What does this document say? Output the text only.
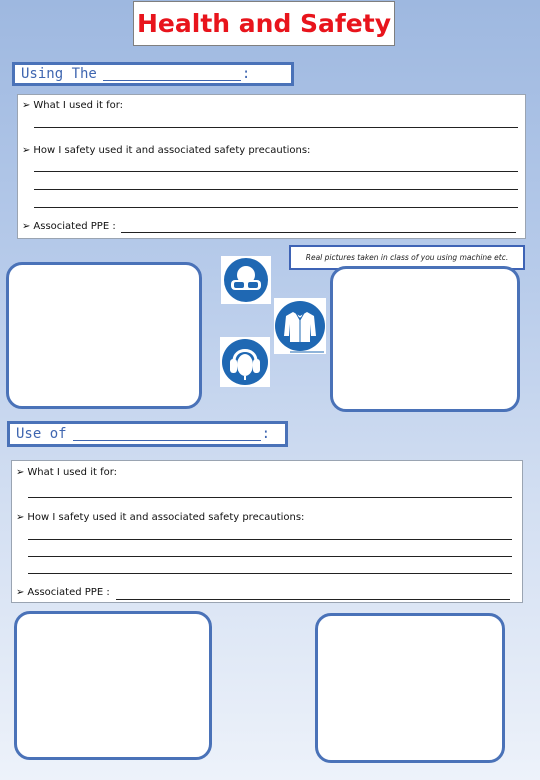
Health and Safety
Using The	:
➢ What I used it for:
➢ How I safety used it and associated safety precautions:
➢ Associated PPE :
Real pictures taken in class of you using machine etc.
Use of	:
➢ What I used it for:
➢ How I safety used it and associated safety precautions:
➢ Associated PPE :
